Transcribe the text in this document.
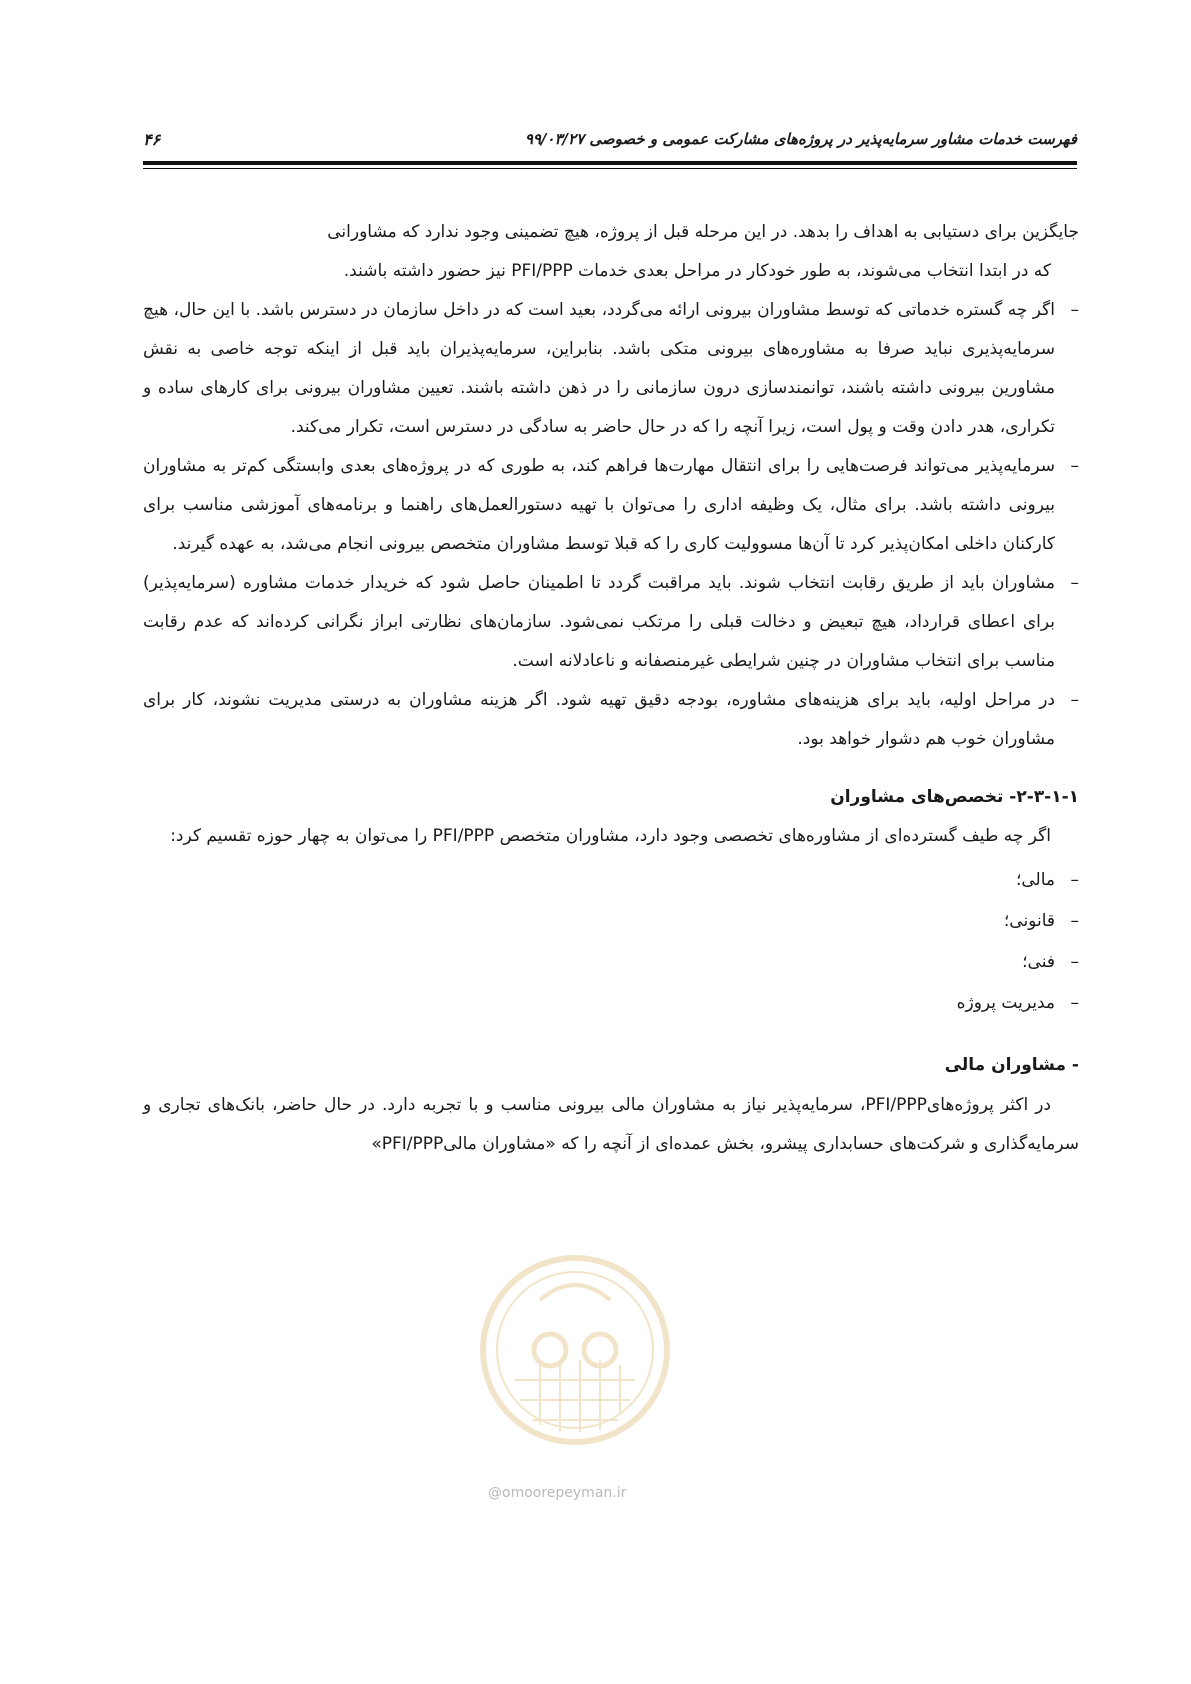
فهرست خدمات مشاور سرمایه‌پذیر در پروژه‌های مشارکت عمومی و خصوصی ۹۹/۰۳/۲۷
۴۶

جایگزین برای دستیابی به اهداف را بدهد. در این مرحله قبل از پروژه، هیچ تضمینی وجود ندارد که مشاورانی

که در ابتدا انتخاب می‌شوند، به طور خودکار در مراحل بعدی خدمات PFI/PPP نیز حضور داشته باشند.

–
اگر چه گستره خدماتی که توسط مشاوران بیرونی ارائه می‌گردد، بعید است که در داخل سازمان در دسترس باشد. با این حال، هیچ سرمایه‌پذیری نباید صرفا به مشاوره‌های بیرونی متکی باشد. بنابراین، سرمایه‌پذیران باید قبل از اینکه توجه خاصی به نقش مشاورین بیرونی داشته باشند، توانمندسازی درون سازمانی را در ذهن داشته باشند. تعیین مشاوران بیرونی برای کارهای ساده و تکراری، هدر دادن وقت و پول است، زیرا آنچه را که در حال حاضر به سادگی در دسترس است، تکرار می‌کند.
–
سرمایه‌پذیر می‌تواند فرصت‌هایی را برای انتقال مهارت‌ها فراهم کند، به طوری که در پروژه‌های بعدی وابستگی کم‌تر به مشاوران بیرونی داشته باشد. برای مثال، یک وظیفه اداری را می‌توان با تهیه دستورالعمل‌های راهنما و برنامه‌های آموزشی مناسب برای کارکنان داخلی امکان‌پذیر کرد تا آن‌ها مسوولیت کاری را که قبلا توسط مشاوران متخصص بیرونی انجام می‌شد، به عهده گیرند.
–
مشاوران باید از طریق رقابت انتخاب شوند. باید مراقبت گردد تا اطمینان حاصل شود که خریدار خدمات مشاوره (سرمایه‌پذیر) برای اعطای قرارداد، هیچ تبعیض و دخالت قبلی را مرتکب نمی‌شود. سازمان‌های نظارتی ابراز نگرانی کرده‌اند که عدم رقابت مناسب برای انتخاب مشاوران در چنین شرایطی غیرمنصفانه و ناعادلانه است.
–
در مراحل اولیه، باید برای هزینه‌های مشاوره، بودجه دقیق تهیه شود. اگر هزینه مشاوران به درستی مدیریت نشوند، کار برای مشاوران خوب هم دشوار خواهد بود.
۲-۳-۱-۱- تخصص‌های مشاوران

اگر چه طیف گسترده‌ای از مشاوره‌های تخصصی وجود دارد، مشاوران متخصص PFI/PPP را می‌توان به چهار حوزه تقسیم کرد:

–
مالی؛
–
قانونی؛
–
فنی؛
–
مدیریت پروژه
- مشاوران مالی

در اکثر پروژه‌هایPFI/PPP، سرمایه‌پذیر نیاز به مشاوران مالی بیرونی مناسب و با تجربه دارد. در حال حاضر، بانک‌های تجاری و سرمایه‌گذاری و شرکت‌های حسابداری پیشرو، بخش عمده‌ای از آنچه را که «مشاوران مالیPFI/PPP»

@omoorepeyman.ir
